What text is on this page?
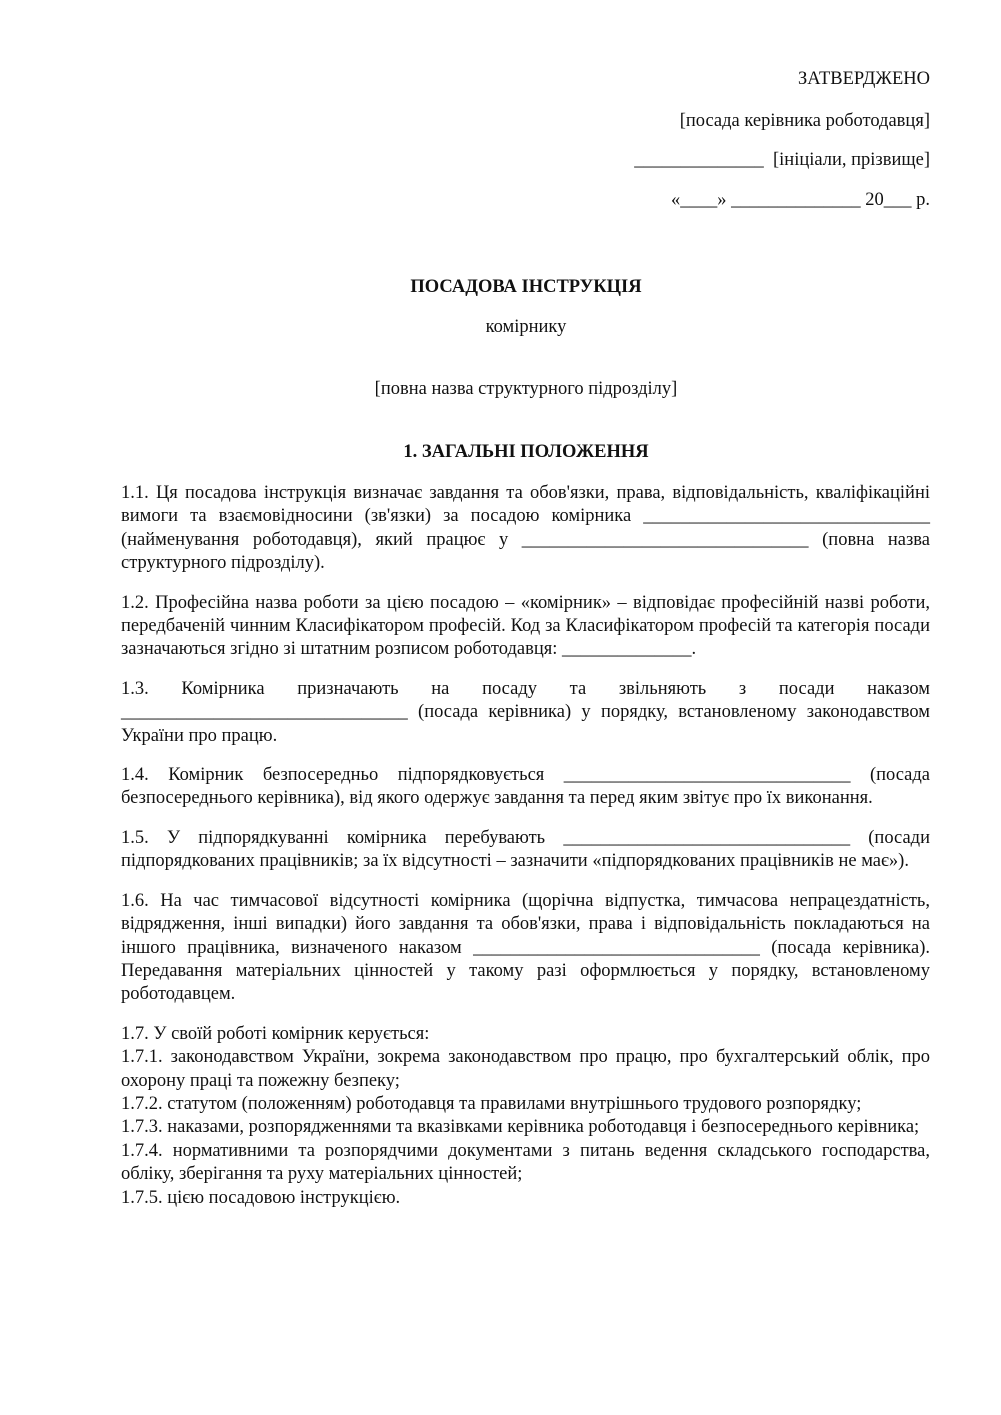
ЗАТВЕРДЖЕНО
[посада керівника роботодавця]
______________  [ініціали, прізвище]
«____» ______________ 20___ р.
ПОСАДОВА ІНСТРУКЦІЯ
комірнику
[повна назва структурного підрозділу]
1. ЗАГАЛЬНІ ПОЛОЖЕННЯ

1.1. Ця посадова інструкція визначає завдання та обов'язки, права, відповідальність, кваліфікаційні вимоги та взаємовідносини (зв'язки) за посадою комірника _______________________________ (найменування роботодавця), який працює у _______________________________ (повна назва структурного підрозділу).

1.2. Професійна назва роботи за цією посадою – «комірник» – відповідає професійній назві роботи, передбаченій чинним Класифікатором професій. Код за Класифікатором професій та категорія посади зазначаються згідно зі штатним розписом роботодавця: ______________.

1.3. Комірника призначають на посаду та звільняють з посади наказом _______________________________ (посада керівника) у порядку, встановленому законодавством України про працю.

1.4. Комірник безпосередньо підпорядковується _______________________________ (посада безпосереднього керівника), від якого одержує завдання та перед яким звітує про їх виконання.

1.5. У підпорядкуванні комірника перебувають _______________________________ (посади підпорядкованих працівників; за їх відсутності – зазначити «підпорядкованих працівників не має»).

1.6. На час тимчасової відсутності комірника (щорічна відпустка, тимчасова непрацездатність, відрядження, інші випадки) його завдання та обов'язки, права і відповідальність покладаються на іншого працівника, визначеного наказом _______________________________ (посада керівника). Передавання матеріальних цінностей у такому разі оформлюється у порядку, встановленому роботодавцем.

1.7. У своїй роботі комірник керується:

1.7.1. законодавством України, зокрема законодавством про працю, про бухгалтерський облік, про охорону праці та пожежну безпеку;

1.7.2. статутом (положенням) роботодавця та правилами внутрішнього трудового розпорядку;

1.7.3. наказами, розпорядженнями та вказівками керівника роботодавця і безпосереднього керівника;

1.7.4. нормативними та розпорядчими документами з питань ведення складського господарства, обліку, зберігання та руху матеріальних цінностей;

1.7.5. цією посадовою інструкцією.
